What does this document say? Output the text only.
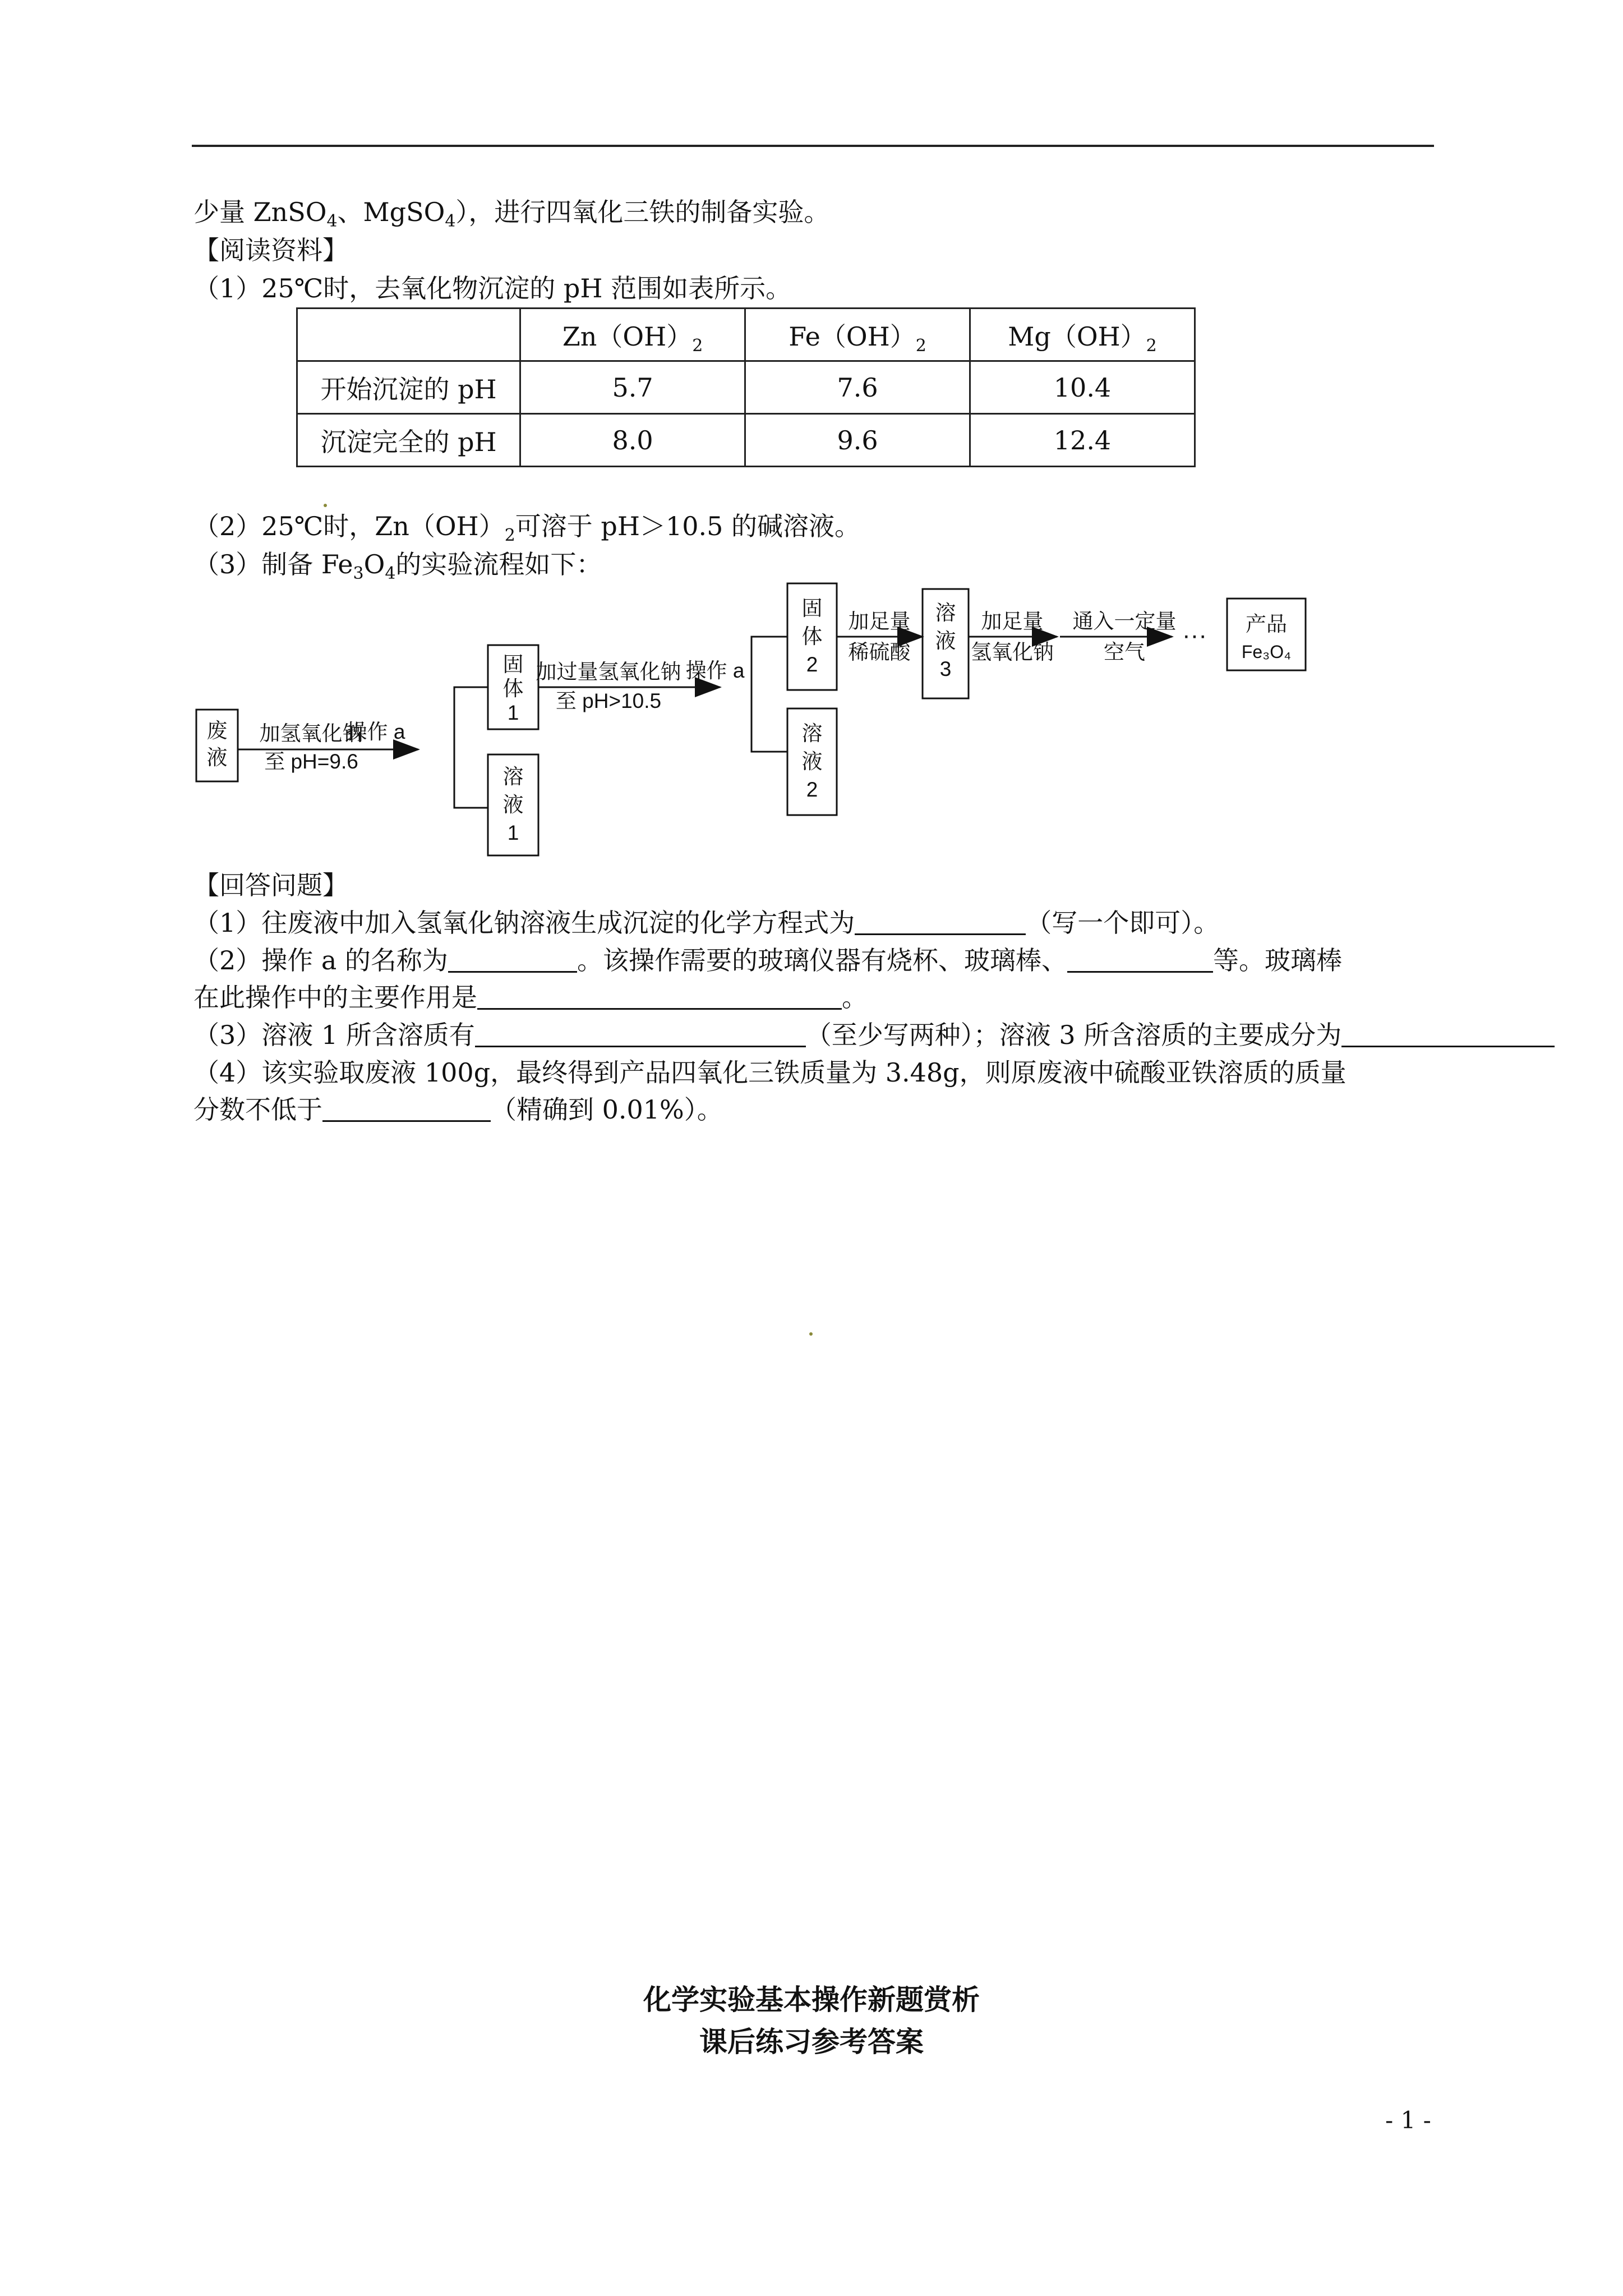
少量 ZnSO$_4$、MgSO$_4$），进行四氧化三铁的制备实验。
【阅读资料】
（1）25℃时，去氧化物沉淀的 pH 范围如表所示。
	$Zn(OH)_2$	$Fe(OH)_2$	$Mg(OH)_2$
开始沉淀的 pH	5.7	7.6	10.4
沉淀完全的 pH	8.0	9.6	12.4
（2）25℃时，$Zn(OH)_2$可溶于 pH＞10.5 的碱溶液。
（3）制备 $Fe_3O_4$的实验流程如下：
废
液
加氢氧化钠
至 pH=9.6
操作 a
固
体
1
溶
液
1
加过量氢氧化钠
至 pH>10.5
操作 a
固
体
2
溶
液
2
加足量
稀硫酸
溶
液
3
加足量
氢氧化钠
通入一定量
空气
··· 产品
Fe₃O₄
【回答问题】
（1）往废液中加入氢氧化钠溶液生成沉淀的化学方程式为	（写一个即可）。
（2）操作 a 的名称为	。该操作需要的玻璃仪器有烧杯、玻璃棒、	等。玻璃棒
在此操作中的主要作用是	。
（3）溶液 1 所含溶质有	（至少写两种）；溶液 3 所含溶质的主要成分为
（4）该实验取废液 100g，最终得到产品四氧化三铁质量为 3.48g，则原废液中硫酸亚铁溶质的质量
分数不低于	（精确到 0.01%）。
化学实验基本操作新题赏析
课后练习参考答案
- 1 -
